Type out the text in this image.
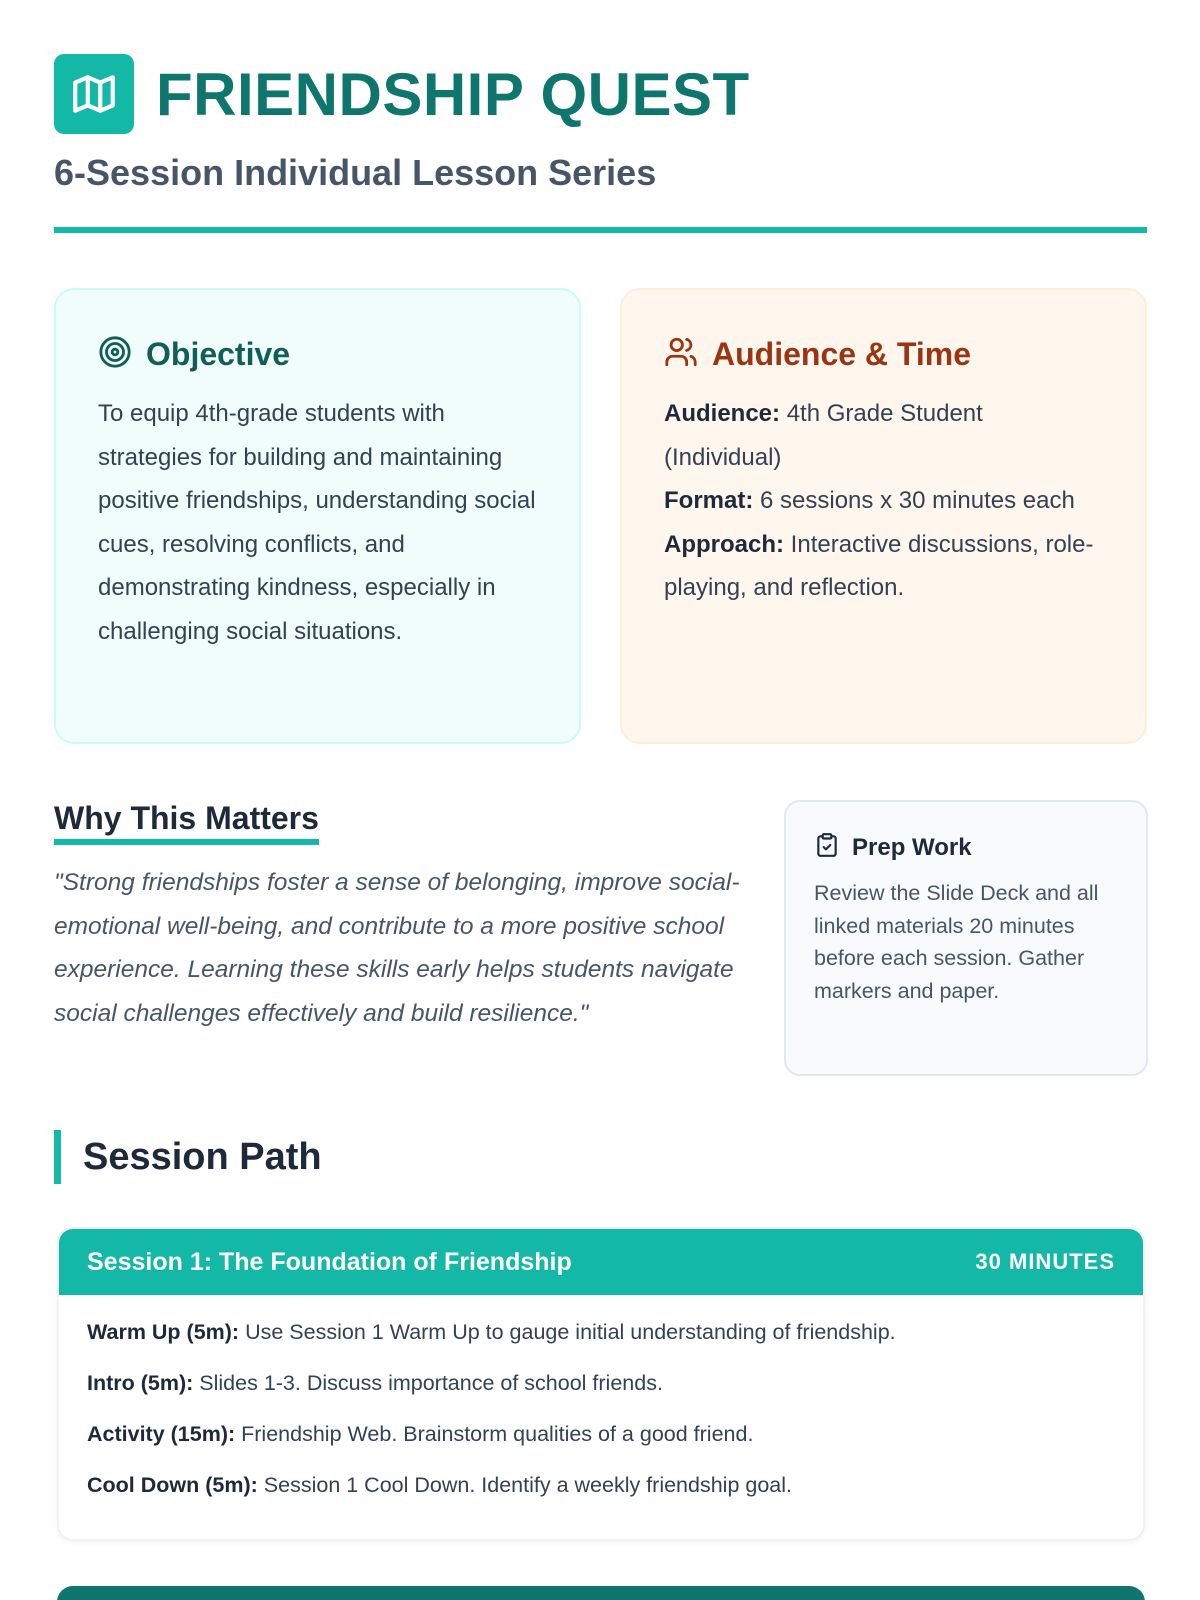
FRIENDSHIP QUEST
6-Session Individual Lesson Series
Objective

To equip 4th-grade students with strategies for building and maintaining positive friendships, understanding social cues, resolving conflicts, and demonstrating kindness, especially in challenging social situations.

Audience & Time

Audience: 4th Grade Student (Individual)

Format: 6 sessions x 30 minutes each

Approach: Interactive discussions, role-playing, and reflection.

Why This Matters

"Strong friendships foster a sense of belonging, improve social-emotional well-being, and contribute to a more positive school experience. Learning these skills early helps students navigate social challenges effectively and build resilience."

Prep Work

Review the Slide Deck and all linked materials 20 minutes before each session. Gather markers and paper.

Session Path
Session 1: The Foundation of Friendship	30 MINUTES

Warm Up (5m): Use Session 1 Warm Up to gauge initial understanding of friendship.

Intro (5m): Slides 1-3. Discuss importance of school friends.

Activity (15m): Friendship Web. Brainstorm qualities of a good friend.

Cool Down (5m): Session 1 Cool Down. Identify a weekly friendship goal.
